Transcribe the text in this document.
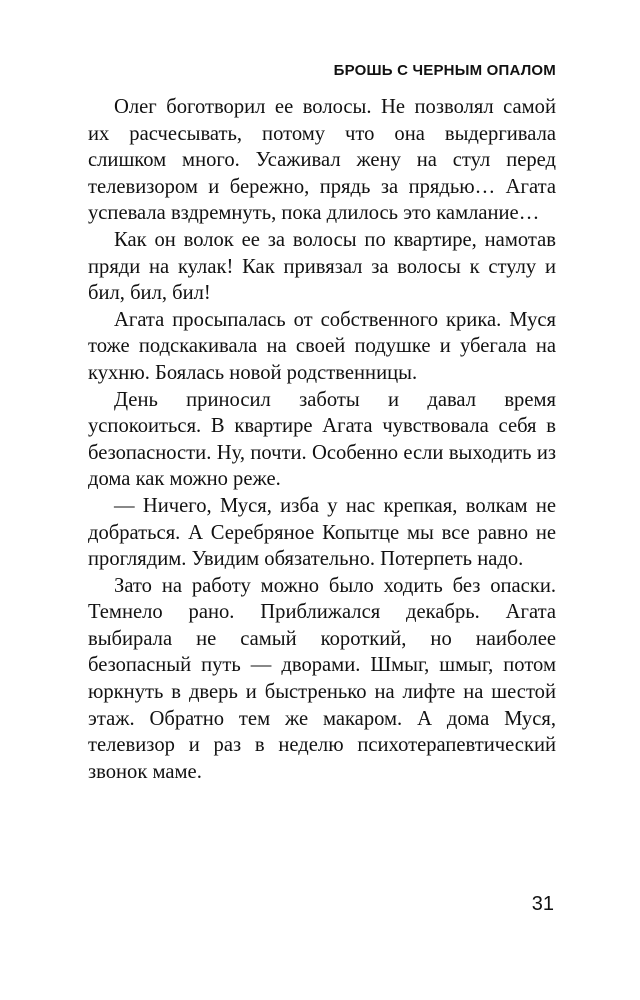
БРОШЬ С ЧЕРНЫМ ОПАЛОМ

Олег боготворил ее волосы. Не позволял самой их расчесывать, потому что она выдергивала слишком много. Усаживал жену на стул перед телевизором и бережно, прядь за прядью… Агата успевала вздремнуть, пока длилось это камлание…

Как он волок ее за волосы по квартире, намотав пряди на кулак! Как привязал за волосы к стулу и бил, бил, бил!

Агата просыпалась от собственного крика. Муся тоже подскакивала на своей подушке и убегала на кухню. Боялась новой родственницы.

День приносил заботы и давал время успокоиться. В квартире Агата чувствовала себя в безопасности. Ну, почти. Особенно если выходить из дома как можно реже.

— Ничего, Муся, изба у нас крепкая, волкам не добраться. А Серебряное Копытце мы все равно не проглядим. Увидим обязательно. Потерпеть надо.

Зато на работу можно было ходить без опаски. Темнело рано. Приближался декабрь. Агата выбирала не самый короткий, но наиболее безопасный путь — дворами. Шмыг, шмыг, потом юркнуть в дверь и быстренько на лифте на шестой этаж. Обратно тем же макаром. А дома Муся, телевизор и раз в неделю психотерапевтический звонок маме.

31
